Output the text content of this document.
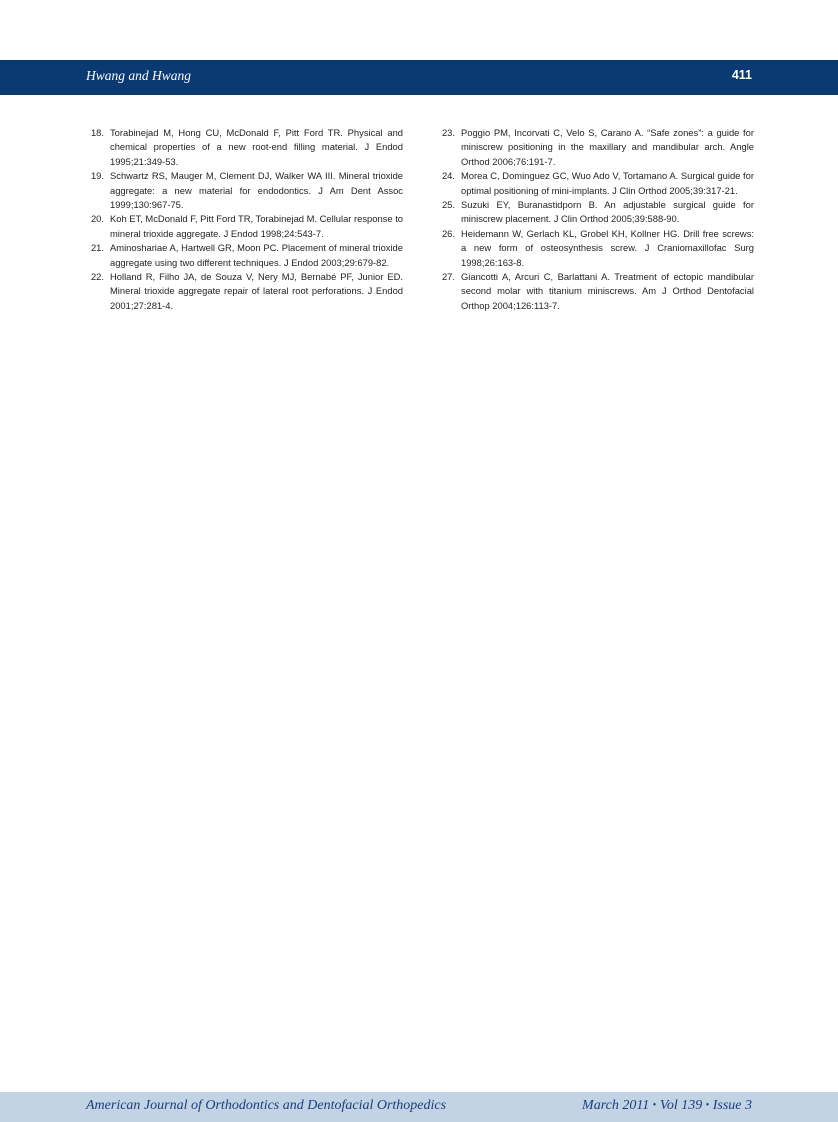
Hwang and Hwang	411
18. Torabinejad M, Hong CU, McDonald F, Pitt Ford TR. Physical and chemical properties of a new root-end filling material. J Endod 1995;21:349-53.
19. Schwartz RS, Mauger M, Clement DJ, Walker WA III. Mineral trioxide aggregate: a new material for endodontics. J Am Dent Assoc 1999;130:967-75.
20. Koh ET, McDonald F, Pitt Ford TR, Torabinejad M. Cellular response to mineral trioxide aggregate. J Endod 1998;24:543-7.
21. Aminoshariae A, Hartwell GR, Moon PC. Placement of mineral trioxide aggregate using two different techniques. J Endod 2003;29:679-82.
22. Holland R, Filho JA, de Souza V, Nery MJ, Bernabé PF, Junior ED. Mineral trioxide aggregate repair of lateral root perforations. J Endod 2001;27:281-4.
23. Poggio PM, Incorvati C, Velo S, Carano A. “Safe zones”: a guide for miniscrew positioning in the maxillary and mandibular arch. Angle Orthod 2006;76:191-7.
24. Morea C, Dominguez GC, Wuo Ado V, Tortamano A. Surgical guide for optimal positioning of mini-implants. J Clin Orthod 2005;39:317-21.
25. Suzuki EY, Buranastidporn B. An adjustable surgical guide for miniscrew placement. J Clin Orthod 2005;39:588-90.
26. Heidemann W, Gerlach KL, Grobel KH, Kollner HG. Drill free screws: a new form of osteosynthesis screw. J Craniomaxillofac Surg 1998;26:163-8.
27. Giancotti A, Arcuri C, Barlattani A. Treatment of ectopic mandibular second molar with titanium miniscrews. Am J Orthod Dentofacial Orthop 2004;126:113-7.
American Journal of Orthodontics and Dentofacial Orthopedics	March 2011 • Vol 139 • Issue 3
